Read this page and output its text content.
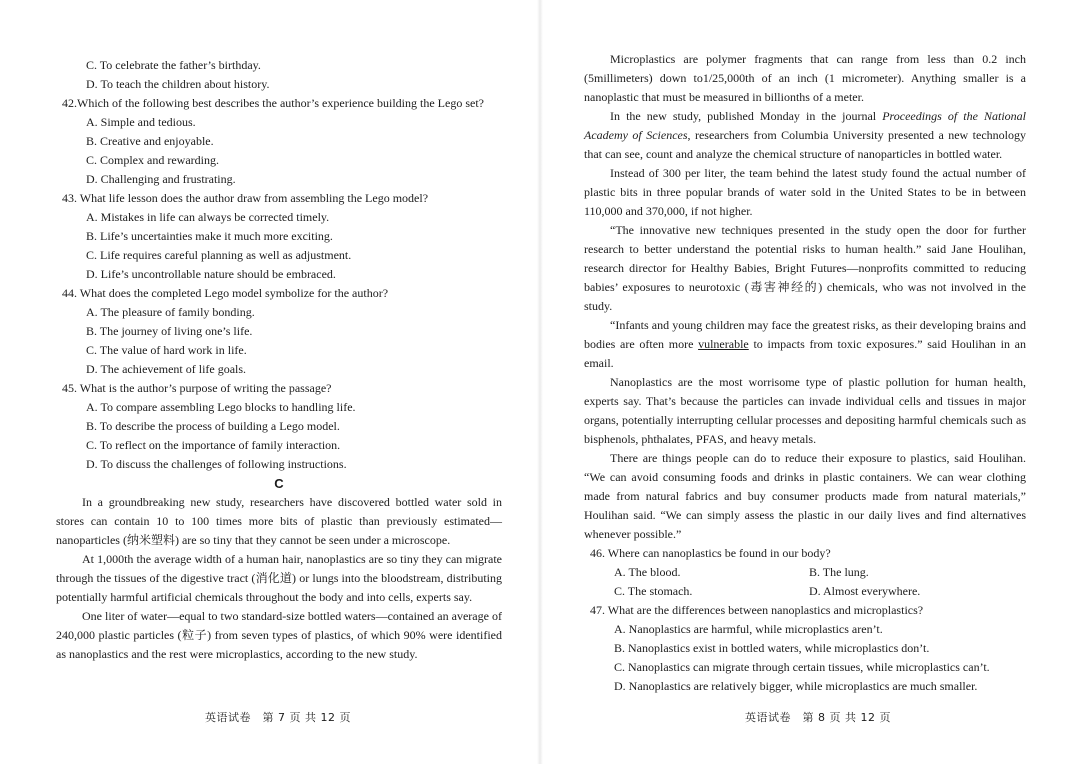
C. To celebrate the father’s birthday.

D. To teach the children about history.

42.Which of the following best describes the author’s experience building the Lego set?

A. Simple and tedious.

B. Creative and enjoyable.

C. Complex and rewarding.

D. Challenging and frustrating.

43. What life lesson does the author draw from assembling the Lego model?

A. Mistakes in life can always be corrected timely.

B. Life’s uncertainties make it much more exciting.

C. Life requires careful planning as well as adjustment.

D. Life’s uncontrollable nature should be embraced.

44. What does the completed Lego model symbolize for the author?

A. The pleasure of family bonding.

B. The journey of living one’s life.

C. The value of hard work in life.

D. The achievement of life goals.

45. What is the author’s purpose of writing the passage?

A. To compare assembling Lego blocks to handling life.

B. To describe the process of building a Lego model.

C. To reflect on the importance of family interaction.

D. To discuss the challenges of following instructions.

C

In a groundbreaking new study, researchers have discovered bottled water sold in stores can contain 10 to 100 times more bits of plastic than previously estimated—nanoparticles (纳米塑料) are so tiny that they cannot be seen under a microscope.

At 1,000th the average width of a human hair, nanoplastics are so tiny they can migrate through the tissues of the digestive tract (消化道) or lungs into the bloodstream, distributing potentially harmful artificial chemicals throughout the body and into cells, experts say.

One liter of water—equal to two standard-size bottled waters—contained an average of 240,000 plastic particles (粒子) from seven types of plastics, of which 90% were identified as nanoplastics and the rest were microplastics, according to the new study.

英语试卷　第 7 页 共 12 页

Microplastics are polymer fragments that can range from less than 0.2 inch (5millimeters) down to1/25,000th of an inch (1 micrometer). Anything smaller is a nanoplastic that must be measured in billionths of a meter.

In the new study, published Monday in the journal Proceedings of the National Academy of Sciences, researchers from Columbia University presented a new technology that can see, count and analyze the chemical structure of nanoparticles in bottled water.

Instead of 300 per liter, the team behind the latest study found the actual number of plastic bits in three popular brands of water sold in the United States to be in between 110,000 and 370,000, if not higher.

“The innovative new techniques presented in the study open the door for further research to better understand the potential risks to human health.” said Jane Houlihan, research director for Healthy Babies, Bright Futures—nonprofits committed to reducing babies’ exposures to neurotoxic (毒害神经的) chemicals, who was not involved in the study.

“Infants and young children may face the greatest risks, as their developing brains and bodies are often more vulnerable to impacts from toxic exposures.” said Houlihan in an email.

Nanoplastics are the most worrisome type of plastic pollution for human health, experts say. That’s because the particles can invade individual cells and tissues in major organs, potentially interrupting cellular processes and depositing harmful chemicals such as bisphenols, phthalates, PFAS, and heavy metals.

There are things people can do to reduce their exposure to plastics, said Houlihan. “We can avoid consuming foods and drinks in plastic containers. We can wear clothing made from natural fabrics and buy consumer products made from natural materials,” Houlihan said. “We can simply assess the plastic in our daily lives and find alternatives whenever possible.”

46. Where can nanoplastics be found in our body?

A. The blood.	B. The lung.
C. The stomach.	D. Almost everywhere.

47. What are the differences between nanoplastics and microplastics?

A. Nanoplastics are harmful, while microplastics aren’t.

B. Nanoplastics exist in bottled waters, while microplastics don’t.

C. Nanoplastics can migrate through certain tissues, while microplastics can’t.

D. Nanoplastics are relatively bigger, while microplastics are much smaller.

英语试卷　第 8 页 共 12 页
